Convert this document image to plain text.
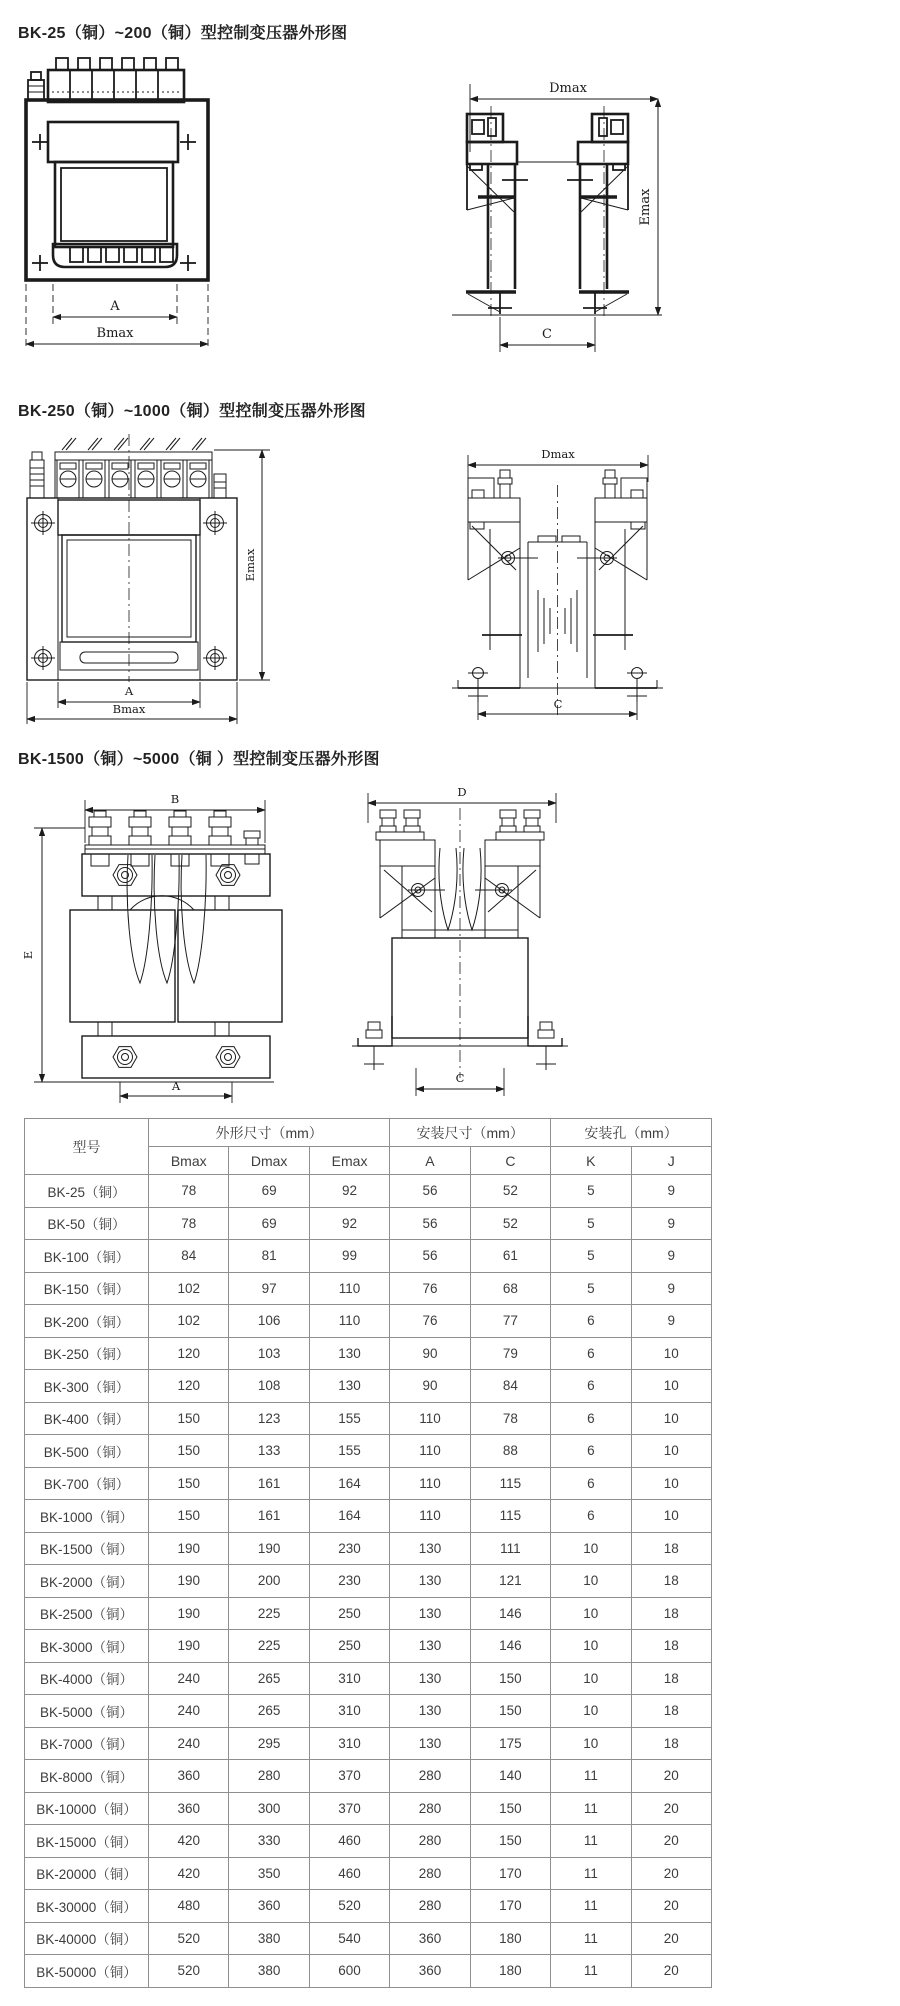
BK-25（铜）~200（铜）型控制变压器外形图
A
Bmax
Dmax
Emax
C
BK-250（铜）~1000（铜）型控制变压器外形图
Emax
A
Bmax
Dmax
C
BK-1500（铜）~5000（铜 ）型控制变压器外形图
B
E
A
D
C
型号	外形尺寸（mm）			安装尺寸（mm）		安装孔（mm）	
	Bmax	Dmax	Emax	A	C	K	J
BK-25（铜）	78	69	92	56	52	5	9
BK-50（铜）	78	69	92	56	52	5	9
BK-100（铜）	84	81	99	56	61	5	9
BK-150（铜）	102	97	110	76	68	5	9
BK-200（铜）	102	106	110	76	77	6	9
BK-250（铜）	120	103	130	90	79	6	10
BK-300（铜）	120	108	130	90	84	6	10
BK-400（铜）	150	123	155	110	78	6	10
BK-500（铜）	150	133	155	110	88	6	10
BK-700（铜）	150	161	164	110	115	6	10
BK-1000（铜）	150	161	164	110	115	6	10
BK-1500（铜）	190	190	230	130	111	10	18
BK-2000（铜）	190	200	230	130	121	10	18
BK-2500（铜）	190	225	250	130	146	10	18
BK-3000（铜）	190	225	250	130	146	10	18
BK-4000（铜）	240	265	310	130	150	10	18
BK-5000（铜）	240	265	310	130	150	10	18
BK-7000（铜）	240	295	310	130	175	10	18
BK-8000（铜）	360	280	370	280	140	11	20
BK-10000（铜）	360	300	370	280	150	11	20
BK-15000（铜）	420	330	460	280	150	11	20
BK-20000（铜）	420	350	460	280	170	11	20
BK-30000（铜）	480	360	520	280	170	11	20
BK-40000（铜）	520	380	540	360	180	11	20
BK-50000（铜）	520	380	600	360	180	11	20
